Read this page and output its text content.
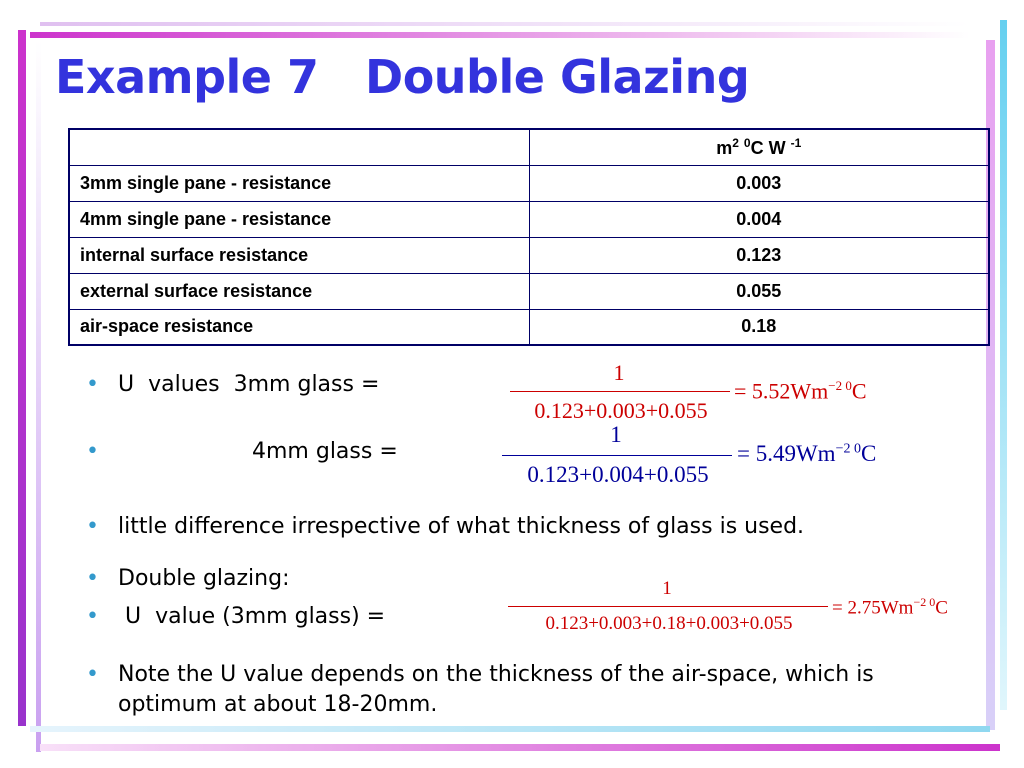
Example 7   Double Glazing
	$m^2$ $^0$C W $^{-1}$
3mm single pane - resistance	0.003
4mm single pane - resistance	0.004
internal surface resistance	0.123
external surface resistance	0.055
air-space resistance	0.18
• U  values  3mm glass =
•	4mm glass =
• little difference irrespective of what thickness of glass is used.
• Double glazing:
• U  value (3mm glass) =
• Note the U value depends on the thickness of the air-space, which is
optimum at about 18-20mm.
1
0.123+0.003+0.055
= $5.52Wm^{-2 0}C$
1
0.123+0.004+0.055
= $5.49Wm^{-2 0}C$
1
0.123+0.003+0.18+0.003+0.055
= $2.75Wm^{-2 0}C$
